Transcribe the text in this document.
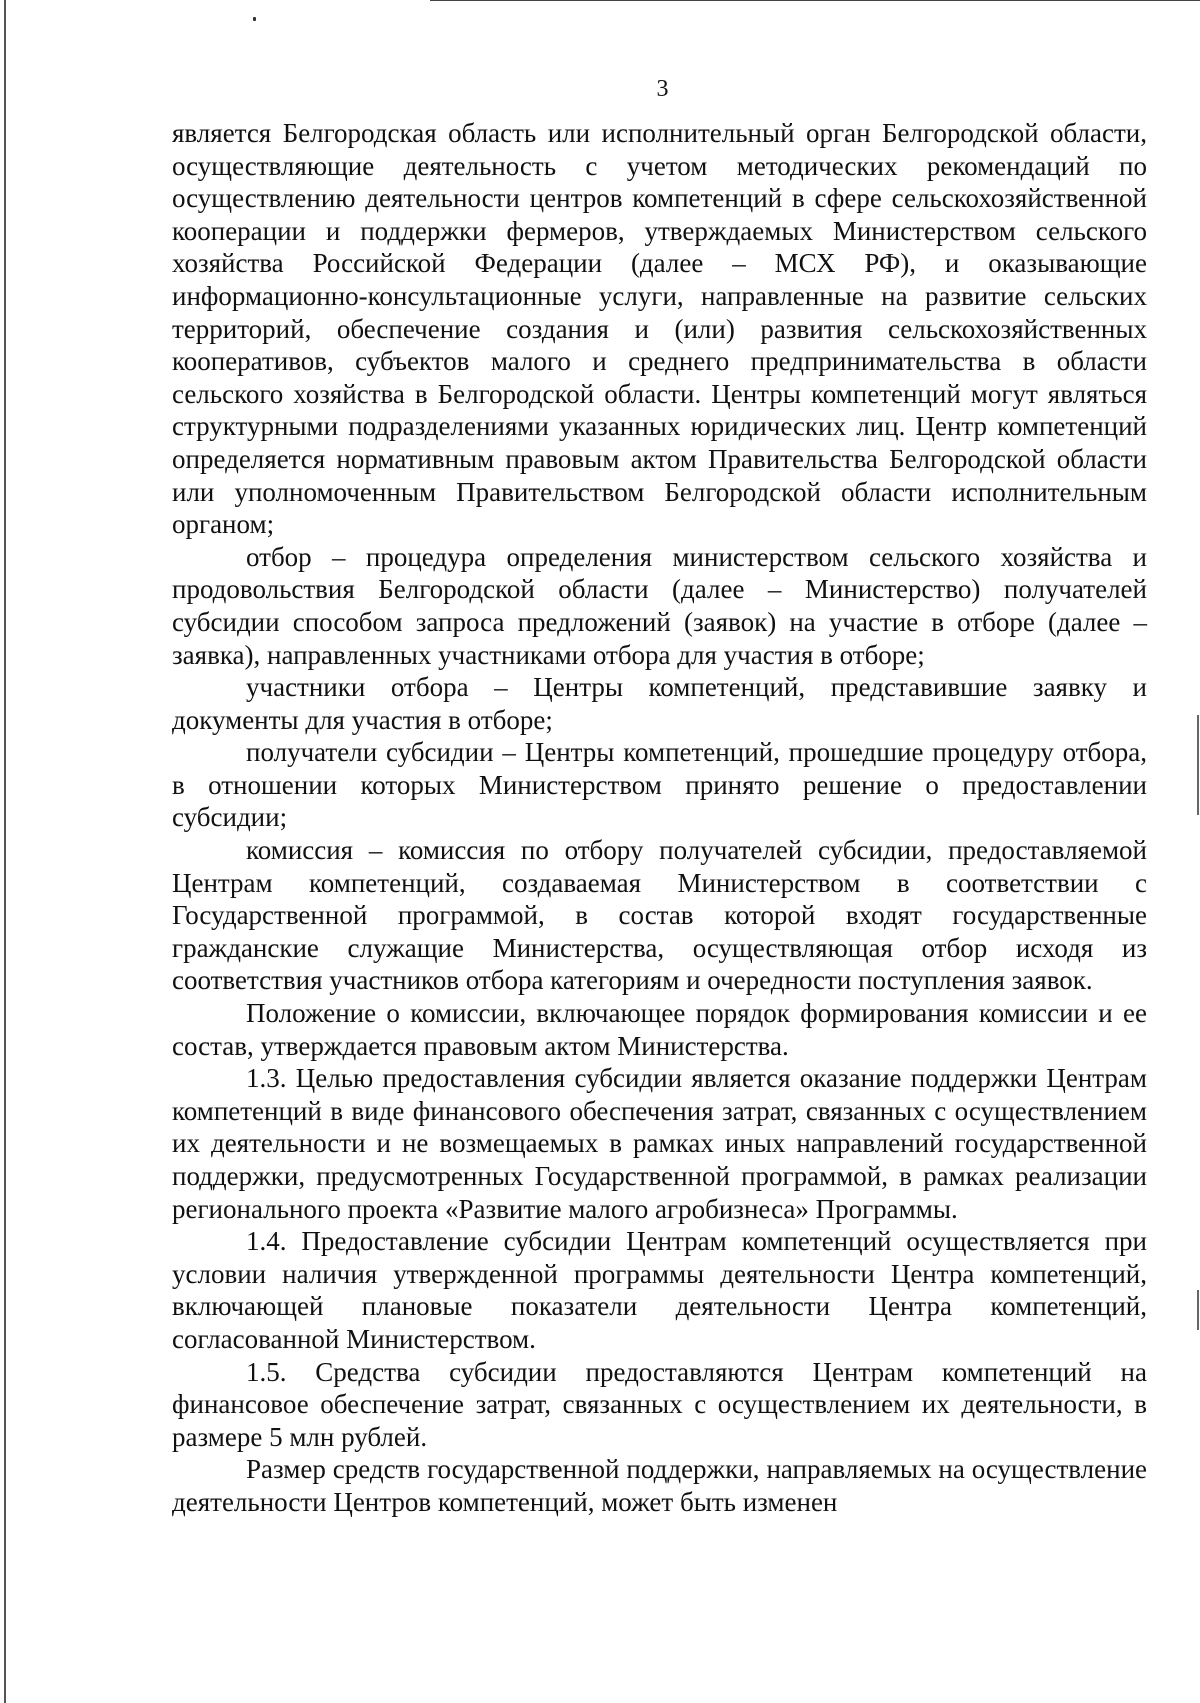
3

является Белгородская область или исполнительный орган Белгородской области, осуществляющие деятельность с учетом методических рекомендаций по осуществлению деятельности центров компетенций в сфере сельскохозяйственной кооперации и поддержки фермеров, утверждаемых Министерством сельского хозяйства Российской Федерации (далее – МСХ РФ), и оказывающие информационно-консультационные услуги, направленные на развитие сельских территорий, обеспечение создания и (или) развития сельскохозяйственных кооперативов, субъектов малого и среднего предпринимательства в области сельского хозяйства в Белгородской области. Центры компетенций могут являться структурными подразделениями указанных юридических лиц. Центр компетенций определяется нормативным правовым актом Правительства Белгородской области или уполномоченным Правительством Белгородской области исполнительным органом;

отбор – процедура определения министерством сельского хозяйства и продовольствия Белгородской области (далее – Министерство) получателей субсидии способом запроса предложений (заявок) на участие в отборе (далее – заявка), направленных участниками отбора для участия в отборе;

участники отбора – Центры компетенций, представившие заявку и документы для участия в отборе;

получатели субсидии – Центры компетенций, прошедшие процедуру отбора, в отношении которых Министерством принято решение о предоставлении субсидии;

комиссия – комиссия по отбору получателей субсидии, предоставляемой Центрам компетенций, создаваемая Министерством в соответствии с Государственной программой, в состав которой входят государственные гражданские служащие Министерства, осуществляющая отбор исходя из соответствия участников отбора категориям и очередности поступления заявок.

Положение о комиссии, включающее порядок формирования комиссии и ее состав, утверждается правовым актом Министерства.

1.3. Целью предоставления субсидии является оказание поддержки Центрам компетенций в виде финансового обеспечения затрат, связанных с осуществлением их деятельности и не возмещаемых в рамках иных направлений государственной поддержки, предусмотренных Государственной программой, в рамках реализации регионального проекта «Развитие малого агробизнеса» Программы.

1.4. Предоставление субсидии Центрам компетенций осуществляется при условии наличия утвержденной программы деятельности Центра компетенций, включающей плановые показатели деятельности Центра компетенций, согласованной Министерством.

1.5. Средства субсидии предоставляются Центрам компетенций на финансовое обеспечение затрат, связанных с осуществлением их деятельности, в размере 5 млн рублей.

Размер средств государственной поддержки, направляемых на осуществление деятельности Центров компетенций, может быть изменен
